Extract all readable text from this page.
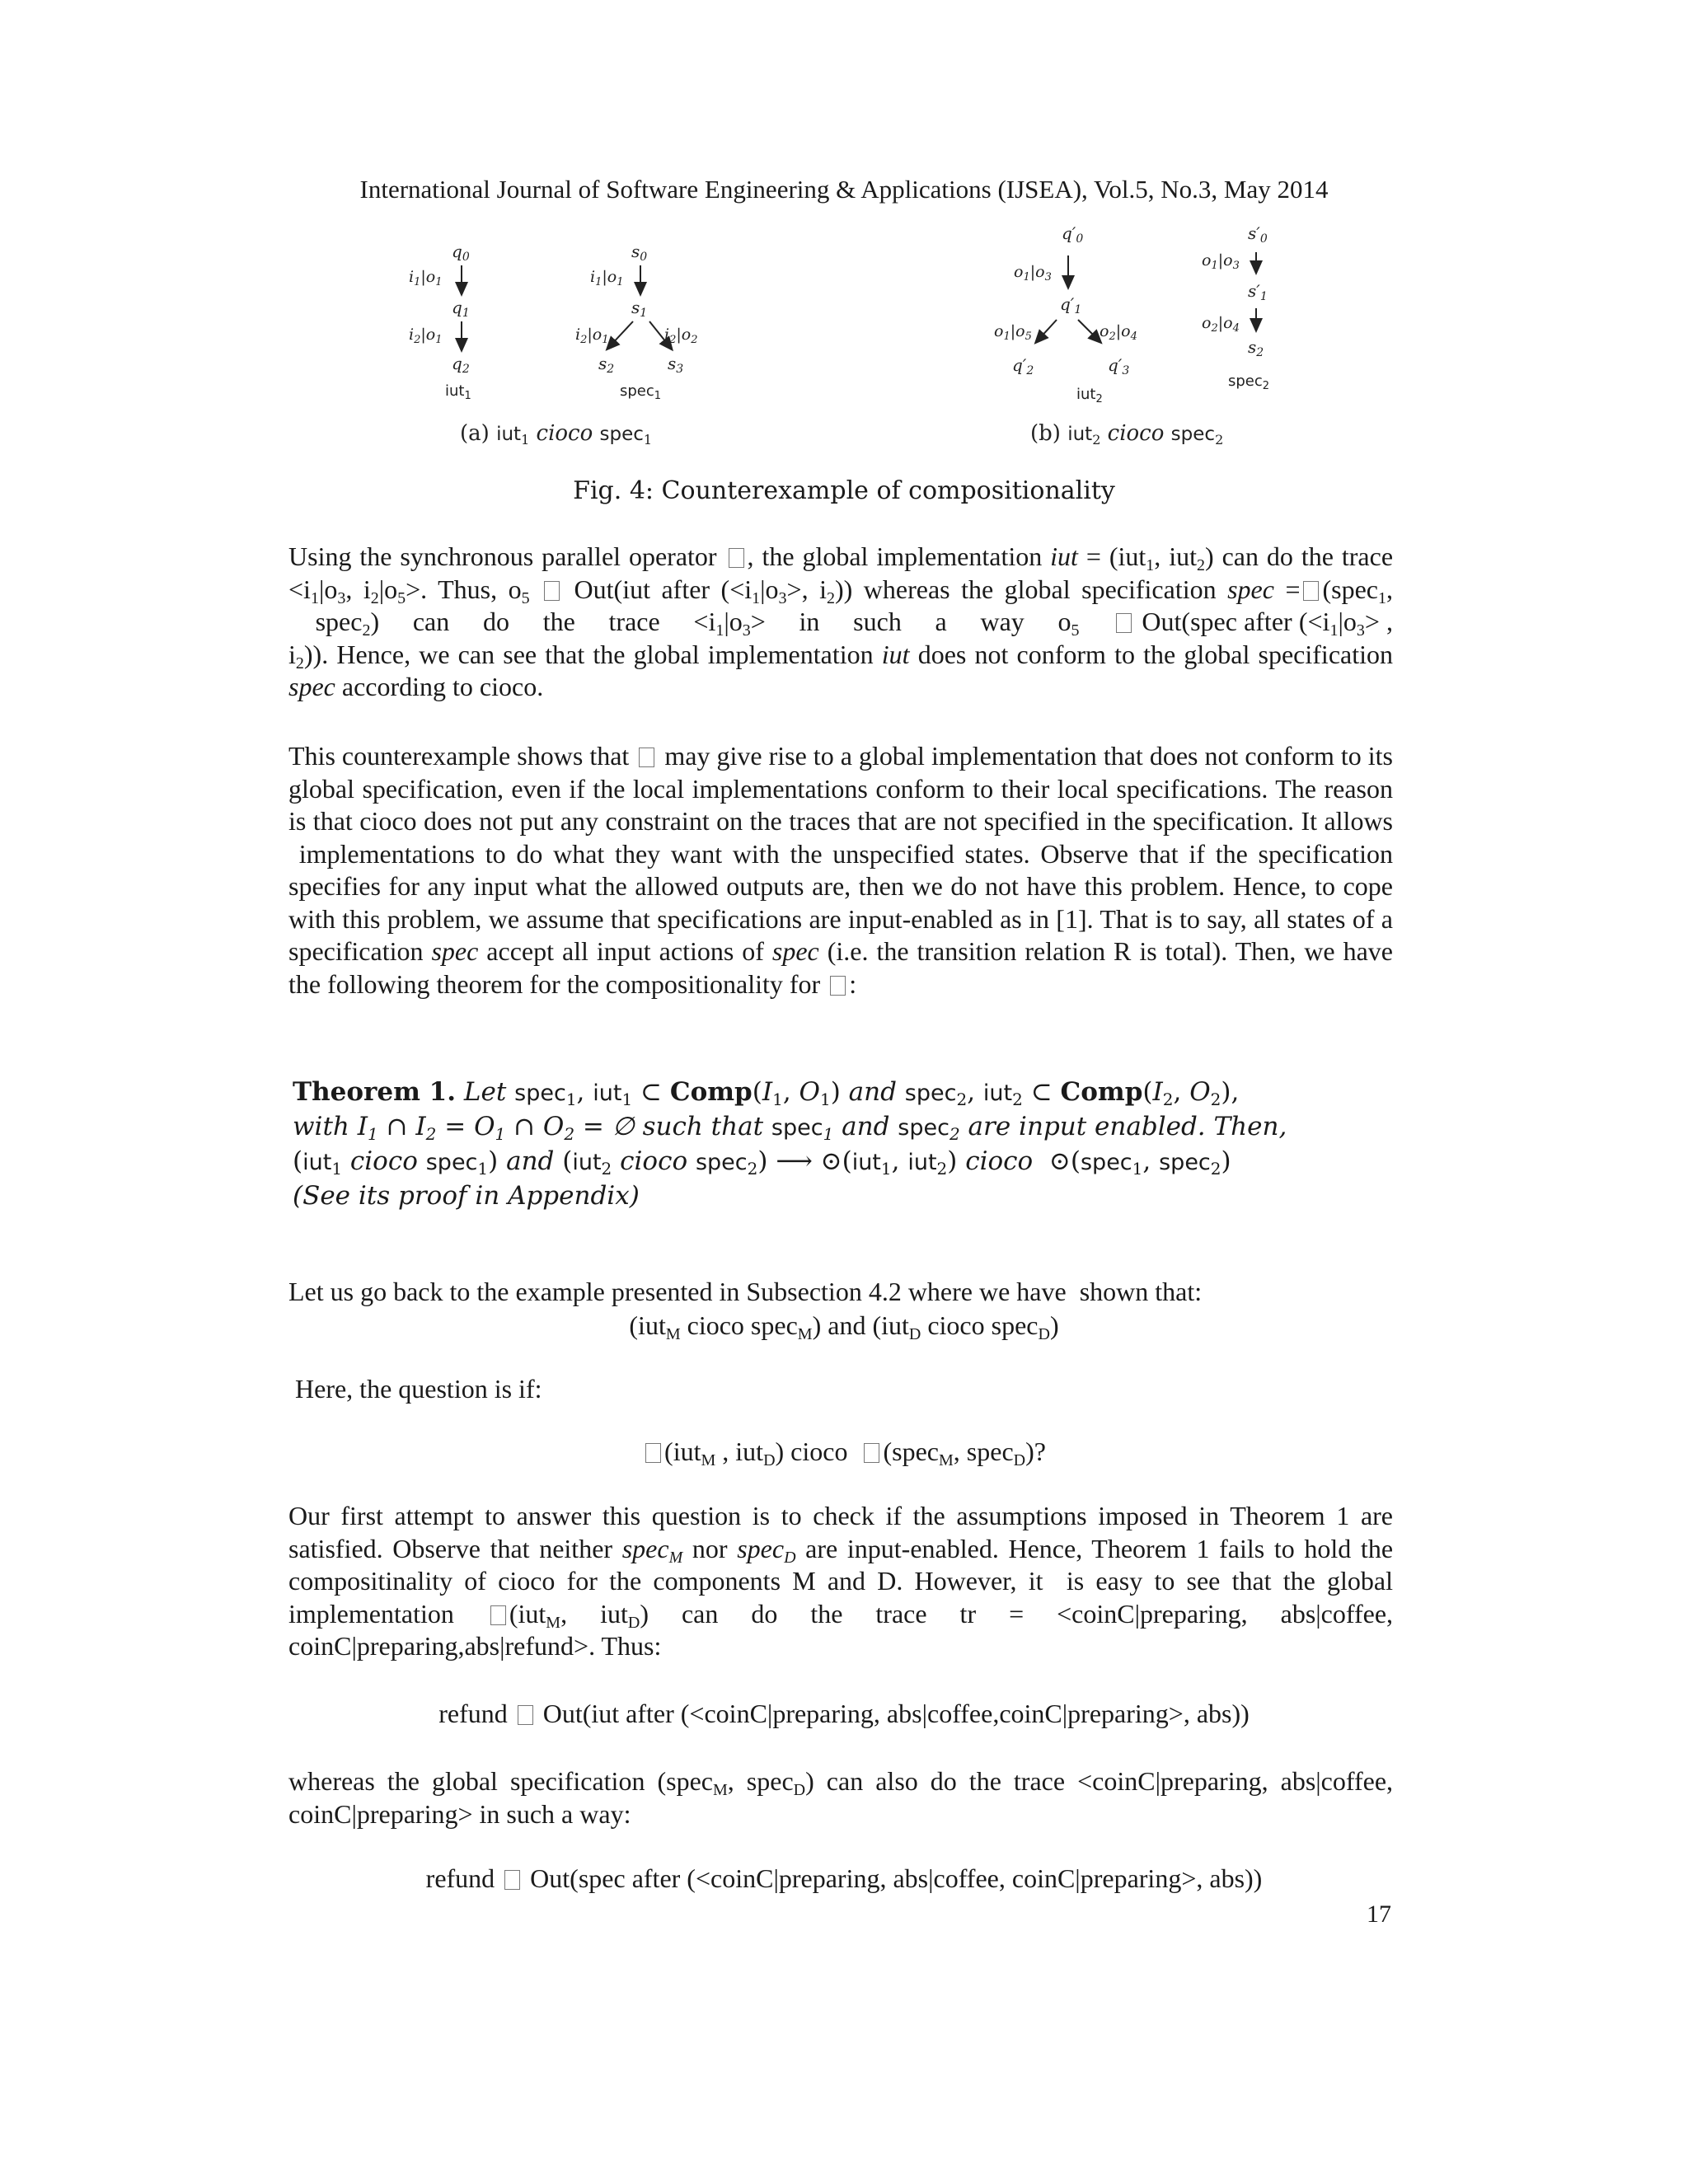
International Journal of Software Engineering & Applications (IJSEA), Vol.5, No.3, May 2014
$q_0$
$i_1|o_1$
$q_1$
$i_2|o_1$
$q_2$
iut$_1$
$s_0$
$i_1|o_1$
$s_1$
$i_2|o_1$	$i_2|o_2$
$s_2$	$s_3$
spec$_1$
$q'_0$
$o_1|o_3$
$q'_1$
$o_1|o_5$	$o_2|o_4$
$q'_2$	$q'_3$
iut$_2$
$s'_0$
$o_1|o_3$
$s'_1$
$o_2|o_4$
$s_2$
spec$_2$
(a) iut1 cioco spec1	(b) iut2 cioco spec2
Fig. 4: Counterexample of compositionality

Using the synchronous parallel operator , the global implementation iut = (iut$_1$, iut$_2$) can do the trace $<i_1|o_3$, $i_2|o_5>$. Thus, $o_5$  Out(iut after ($<i_1|o_3>$, $i_2$)) whereas the global specification spec = (spec$_1$,     spec$_2$)     can     do     the     trace     $<i_1|o_3>$     in     such     a     way     $o_5$      Out(spec after ($<i_1|o_3>$ , $i_2$)). Hence, we can see that the global implementation iut does not conform to the global specification spec according to cioco.

This counterexample shows that  may give rise to a global implementation that does not conform to its global specification, even if the local implementations conform to their local specifications. The reason is that cioco does not put any constraint on the traces that are not specified in the specification. It allows  implementations to do what they want with the unspecified states. Observe that if the specification specifies for any input what the allowed outputs are, then we do not have this problem. Hence, to cope with this problem, we assume that specifications are input-enabled as in [1]. That is to say, all states of a specification spec accept all input actions of spec (i.e. the transition relation R is total). Then, we have the following theorem for the compositionality for :

Theorem 1. Let spec$_1$, iut$_1$ ⊂ $Comp(I_1$, $O_1$) and spec$_2$, iut$_2$ ⊂ $Comp(I_2$, $O_2$),
with $I_1$ ∩ $I_2 = O_1$ ∩ $O_2$ = ∅ such that spec$_1$ and spec$_2$ are input enabled. Then,
(iut$_1$ cioco spec$_1$) and (iut$_2$ cioco spec$_2$) ⟶ ⊙(iut$_1$, iut$_2$) cioco  ⊙(spec$_1$, spec$_2$)
(See its proof in Appendix)

Let us go back to the example presented in Subsection 4.2 where we have  shown that:

(iut$_M$ cioco spec$_M$) and (iut$_D$ cioco spec$_D$)

Here, the question is if:

(iut$_M$ , iut$_D$) cioco  (spec$_M$, spec$_D$)?

Our first attempt to answer this question is to check if the assumptions imposed in Theorem 1 are satisfied. Observe that neither spec$_M$ nor spec$_D$ are input-enabled. Hence, Theorem 1 fails to hold the compositinality of cioco for the components M and D. However, it  is easy to see that the global implementation (iut$_M$, iut$_D$) can do the trace tr = <coinC|preparing, abs|coffee, coinC|preparing,abs|refund>. Thus:

refund  Out(iut after (<coinC|preparing, abs|coffee,coinC|preparing>, abs))

whereas the global specification (spec$_M$, spec$_D$) can also do the trace <coinC|preparing, abs|coffee, coinC|preparing> in such a way:

refund  Out(spec after (<coinC|preparing, abs|coffee, coinC|preparing>, abs))
17
